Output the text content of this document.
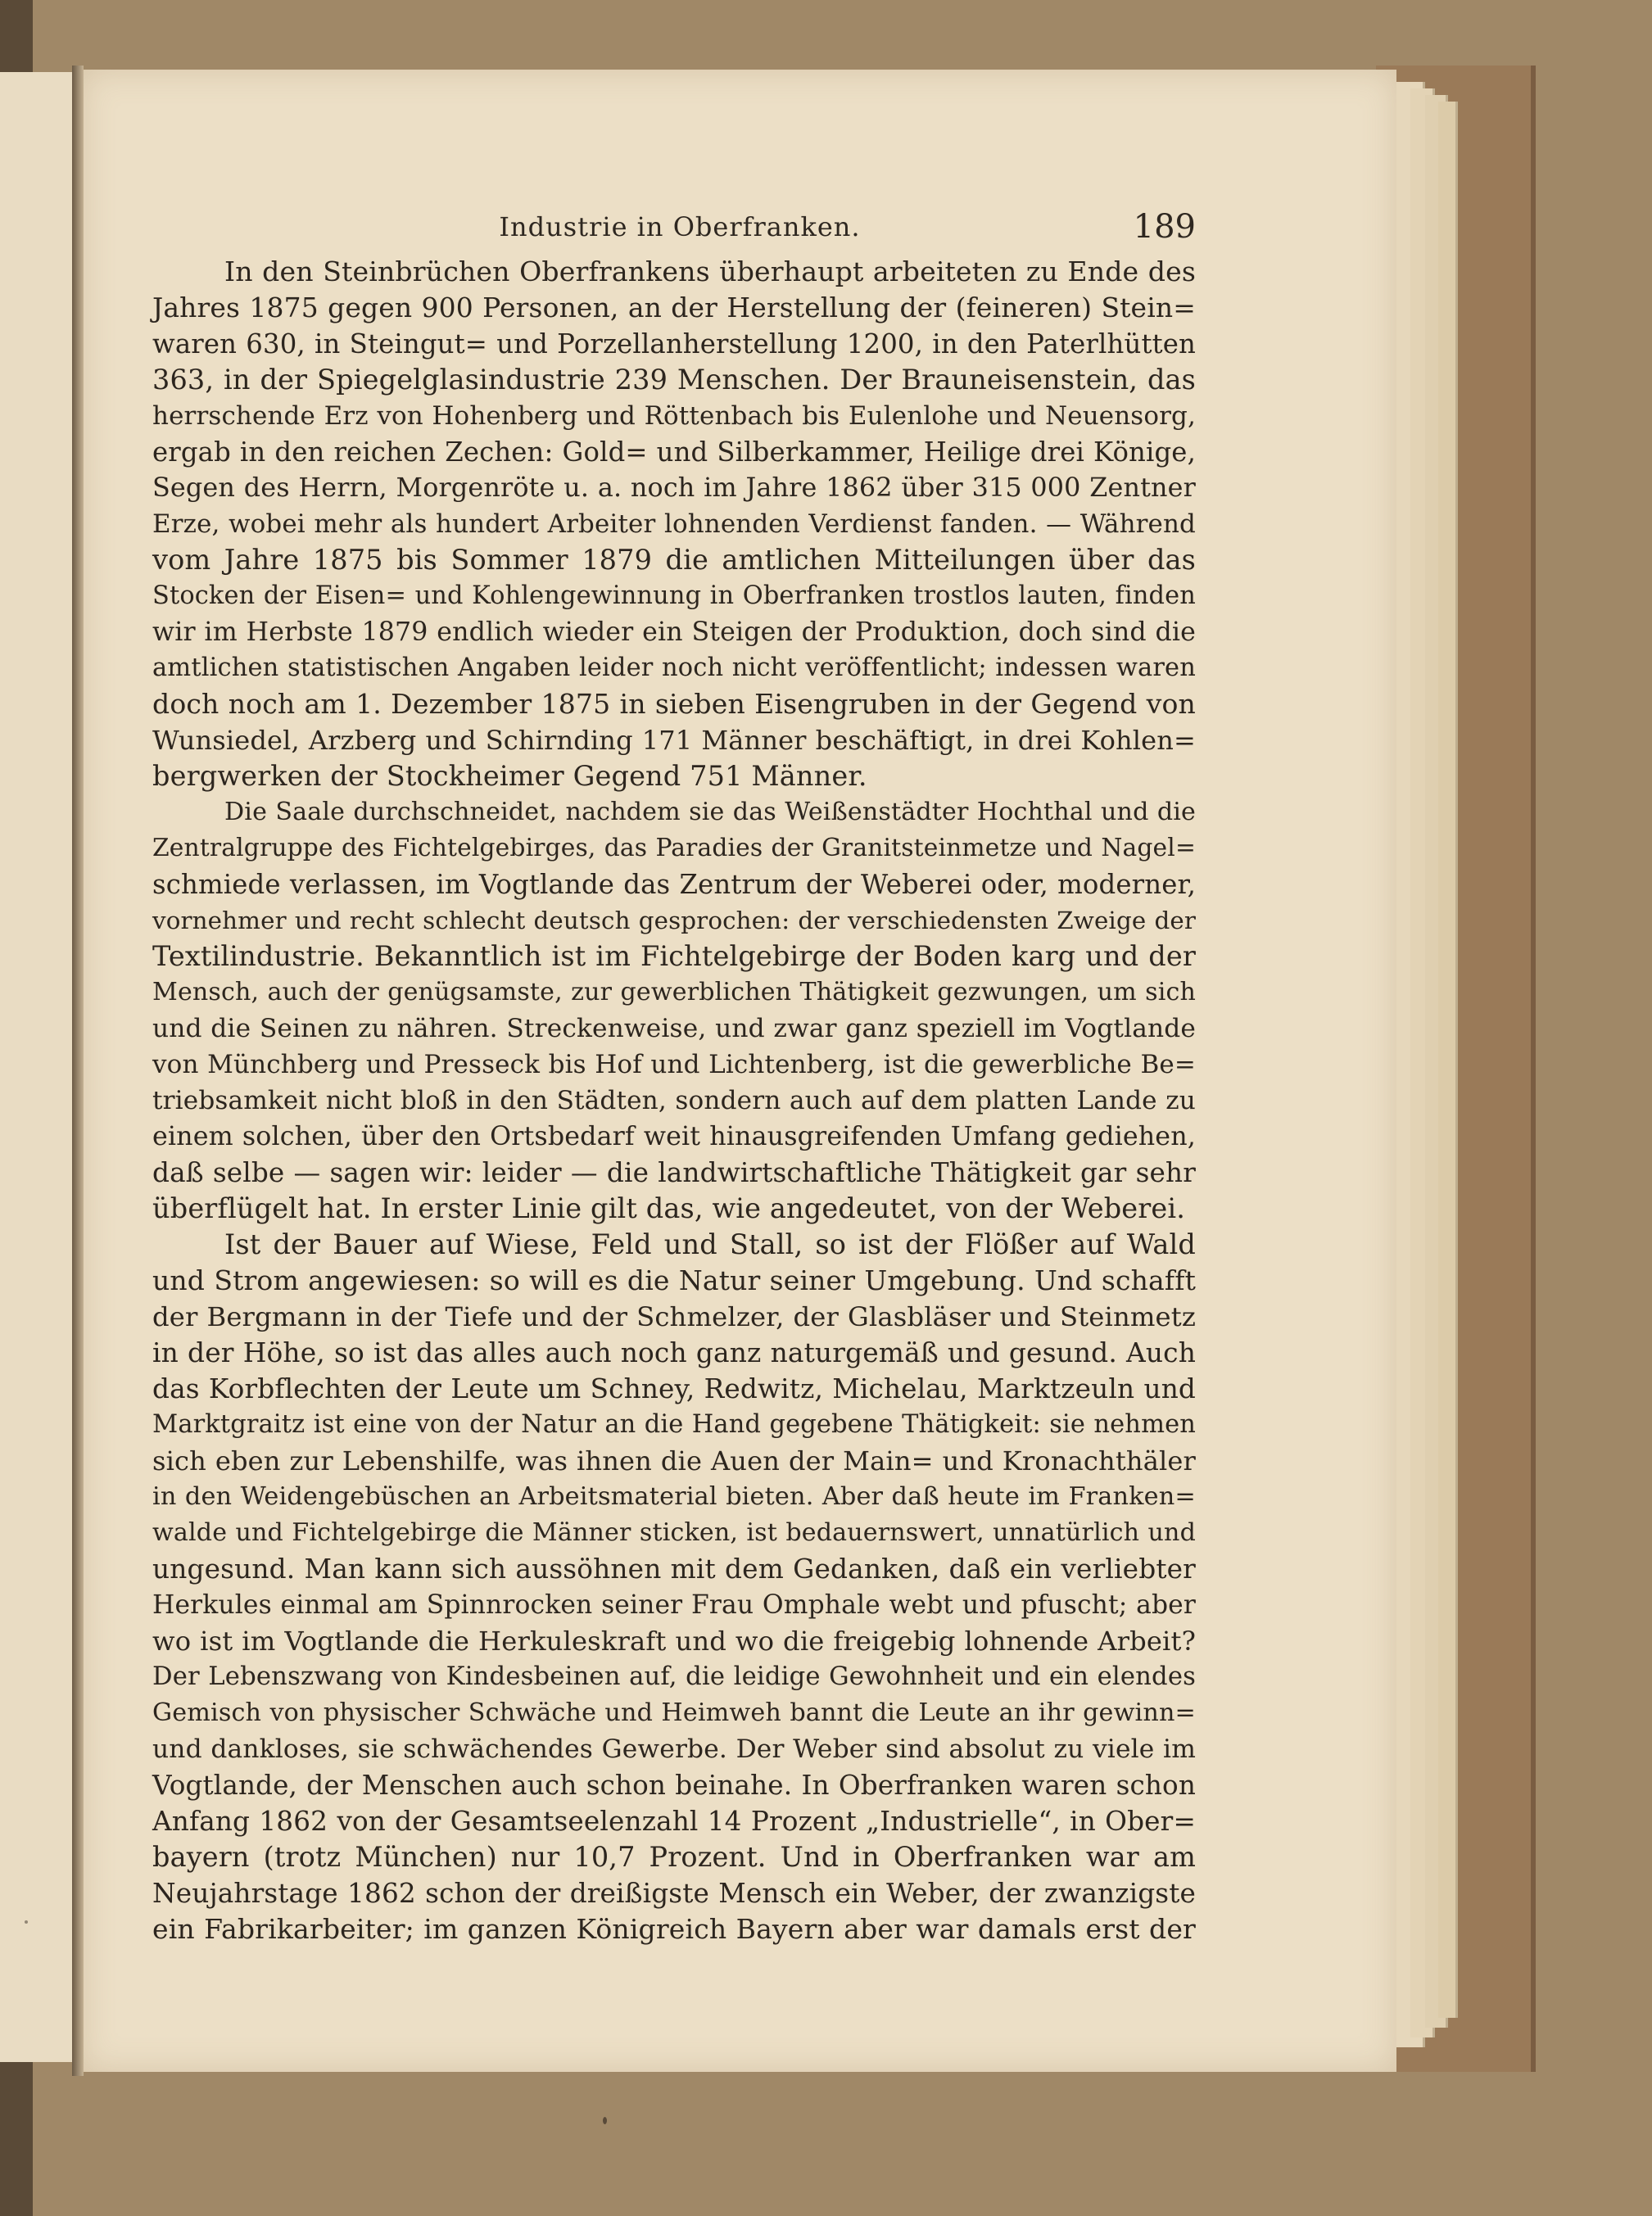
Industrie in Oberfranken.	189
In den Steinbrüchen Oberfrankens überhaupt arbeiteten zu Ende des
Jahres 1875 gegen 900 Personen, an der Herstellung der (feineren) Stein=
waren 630, in Steingut= und Porzellanherstellung 1200, in den Paterlhütten
363, in der Spiegelglasindustrie 239 Menschen. Der Brauneisenstein, das
herrschende Erz von Hohenberg und Röttenbach bis Eulenlohe und Neuensorg,
ergab in den reichen Zechen: Gold= und Silberkammer, Heilige drei Könige,
Segen des Herrn, Morgenröte u. a. noch im Jahre 1862 über 315 000 Zentner
Erze, wobei mehr als hundert Arbeiter lohnenden Verdienst fanden. — Während
vom Jahre 1875 bis Sommer 1879 die amtlichen Mitteilungen über das
Stocken der Eisen= und Kohlengewinnung in Oberfranken trostlos lauten, finden
wir im Herbste 1879 endlich wieder ein Steigen der Produktion, doch sind die
amtlichen statistischen Angaben leider noch nicht veröffentlicht; indessen waren
doch noch am 1. Dezember 1875 in sieben Eisengruben in der Gegend von
Wunsiedel, Arzberg und Schirnding 171 Männer beschäftigt, in drei Kohlen=
bergwerken der Stockheimer Gegend 751 Männer.
Die Saale durchschneidet, nachdem sie das Weißenstädter Hochthal und die
Zentralgruppe des Fichtelgebirges, das Paradies der Granitsteinmetze und Nagel=
schmiede verlassen, im Vogtlande das Zentrum der Weberei oder, moderner,
vornehmer und recht schlecht deutsch gesprochen: der verschiedensten Zweige der
Textilindustrie. Bekanntlich ist im Fichtelgebirge der Boden karg und der
Mensch, auch der genügsamste, zur gewerblichen Thätigkeit gezwungen, um sich
und die Seinen zu nähren. Streckenweise, und zwar ganz speziell im Vogtlande
von Münchberg und Presseck bis Hof und Lichtenberg, ist die gewerbliche Be=
triebsamkeit nicht bloß in den Städten, sondern auch auf dem platten Lande zu
einem solchen, über den Ortsbedarf weit hinausgreifenden Umfang gediehen,
daß selbe — sagen wir: leider — die landwirtschaftliche Thätigkeit gar sehr
überflügelt hat. In erster Linie gilt das, wie angedeutet, von der Weberei.
Ist der Bauer auf Wiese, Feld und Stall, so ist der Flößer auf Wald
und Strom angewiesen: so will es die Natur seiner Umgebung. Und schafft
der Bergmann in der Tiefe und der Schmelzer, der Glasbläser und Steinmetz
in der Höhe, so ist das alles auch noch ganz naturgemäß und gesund. Auch
das Korbflechten der Leute um Schney, Redwitz, Michelau, Marktzeuln und
Marktgraitz ist eine von der Natur an die Hand gegebene Thätigkeit: sie nehmen
sich eben zur Lebenshilfe, was ihnen die Auen der Main= und Kronachthäler
in den Weidengebüschen an Arbeitsmaterial bieten. Aber daß heute im Franken=
walde und Fichtelgebirge die Männer sticken, ist bedauernswert, unnatürlich und
ungesund. Man kann sich aussöhnen mit dem Gedanken, daß ein verliebter
Herkules einmal am Spinnrocken seiner Frau Omphale webt und pfuscht; aber
wo ist im Vogtlande die Herkuleskraft und wo die freigebig lohnende Arbeit?
Der Lebenszwang von Kindesbeinen auf, die leidige Gewohnheit und ein elendes
Gemisch von physischer Schwäche und Heimweh bannt die Leute an ihr gewinn=
und dankloses, sie schwächendes Gewerbe. Der Weber sind absolut zu viele im
Vogtlande, der Menschen auch schon beinahe. In Oberfranken waren schon
Anfang 1862 von der Gesamtseelenzahl 14 Prozent „Industrielle“, in Ober=
bayern (trotz München) nur 10,7 Prozent. Und in Oberfranken war am
Neujahrstage 1862 schon der dreißigste Mensch ein Weber, der zwanzigste
ein Fabrikarbeiter; im ganzen Königreich Bayern aber war damals erst der
